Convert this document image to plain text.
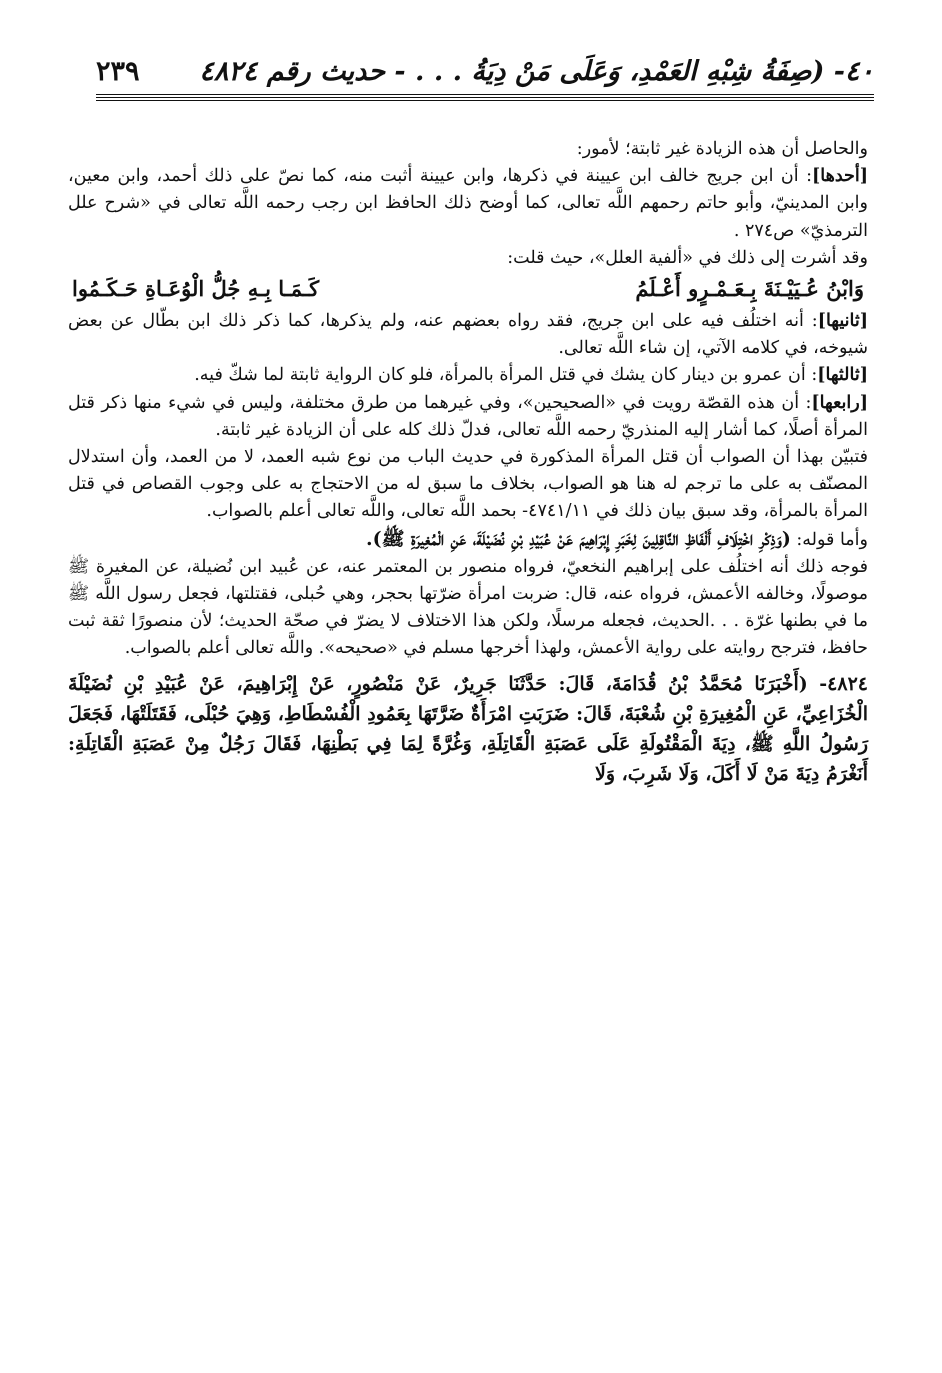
٤٠- (صِفَةُ شِبْهِ العَمْدِ، وَعَلَى مَنْ دِيَةُ . . . - حديث رقم ٤٨٢٤
٢٣٩

والحاصل أن هذه الزيادة غير ثابتة؛ لأمور:

[أحدها]: أن ابن جريج خالف ابن عيينة في ذكرها، وابن عيينة أثبت منه، كما نصّ على ذلك أحمد، وابن معين، وابن المدينيّ، وأبو حاتم رحمهم اللَّه تعالى، كما أوضح ذلك الحافظ ابن رجب رحمه اللَّه تعالى في «شرح علل الترمذيّ» ص٢٧٤ .

وقد أشرت إلى ذلك في «ألفية العلل»، حيث قلت:

وَابْنُ عُـيَيْـنَةَ بِـعَـمْـرٍو أَعْـلَمُ
كَـمَـا بِـهِ جُلُّ الْوُعَـاةِ حَـكَـمُوا

[ثانيها]: أنه اختلُف فيه على ابن جريج، فقد رواه بعضهم عنه، ولم يذكرها، كما ذكر ذلك ابن بطّال عن بعض شيوخه، في كلامه الآتي، إن شاء اللَّه تعالى.

[ثالثها]: أن عمرو بن دينار كان يشك في قتل المرأة بالمرأة، فلو كان الرواية ثابتة لما شكّ فيه.

[رابعها]: أن هذه القصّة رويت في «الصحيحين»، وفي غيرهما من طرق مختلفة، وليس في شيء منها ذكر قتل المرأة أصلًا، كما أشار إليه المنذريّ رحمه اللَّه تعالى، فدلّ ذلك كله على أن الزيادة غير ثابتة.

فتبيّن بهذا أن الصواب أن قتل المرأة المذكورة في حديث الباب من نوع شبه العمد، لا من العمد، وأن استدلال المصنّف به على ما ترجم له هنا هو الصواب، بخلاف ما سبق له من الاحتجاج به على وجوب القصاص في قتل المرأة بالمرأة، وقد سبق بيان ذلك في ٤٧٤١/١١- بحمد اللَّه تعالى، واللَّه تعالى أعلم بالصواب.

وأما قوله: (وَذِكْرِ اخْتِلَافِ أَلْفَاظِ النَّاقِلِينَ لِخَبَرِ إِبْرَاهِيمَ عَنْ عُبَيْدِ بْنِ نُضَيْلَةَ، عَنِ الْمُغِيرَةِ ﷺ).

فوجه ذلك أنه اختلُف على إبراهيم النخعيّ، فرواه منصور بن المعتمر عنه، عن عُبيد ابن نُضيلة، عن المغيرة ﷺ موصولًا، وخالفه الأعمش، فرواه عنه، قال: ضربت امرأة ضرّتها بحجر، وهي حُبلى، فقتلتها، فجعل رسول اللَّه ﷺ ما في بطنها غرّة . . .الحديث، فجعله مرسلًا، ولكن هذا الاختلاف لا يضرّ في صحّة الحديث؛ لأن منصورًا ثقة ثبت حافظ، فترجح روايته على رواية الأعمش، ولهذا أخرجها مسلم في «صحيحه». واللَّه تعالى أعلم بالصواب.

٤٨٢٤- (أَخْبَرَنَا مُحَمَّدُ بْنُ قُدَامَةَ، قَالَ: حَدَّثَنَا جَرِيرٌ، عَنْ مَنْصُورٍ، عَنْ إِبْرَاهِيمَ، عَنْ عُبَيْدِ بْنِ نُضَيْلَةَ الْخُزَاعِيِّ، عَنِ الْمُغِيرَةِ بْنِ شُعْبَةَ، قَالَ: ضَرَبَتِ امْرَأَةٌ ضَرَّتَهَا بِعَمُودِ الْفُسْطَاطِ، وَهِيَ حُبْلَى، فَقَتَلَتْهَا، فَجَعَلَ رَسُولُ اللَّهِ ﷺ، دِيَةَ الْمَقْتُولَةِ عَلَى عَصَبَةِ الْقَاتِلَةِ، وَغُرَّةً لِمَا فِي بَطْنِهَا، فَقَالَ رَجُلٌ مِنْ عَصَبَةِ الْقَاتِلَةِ: أَنَغْرَمُ دِيَةَ مَنْ لَا أَكَلَ، وَلَا شَرِبَ، وَلَا
